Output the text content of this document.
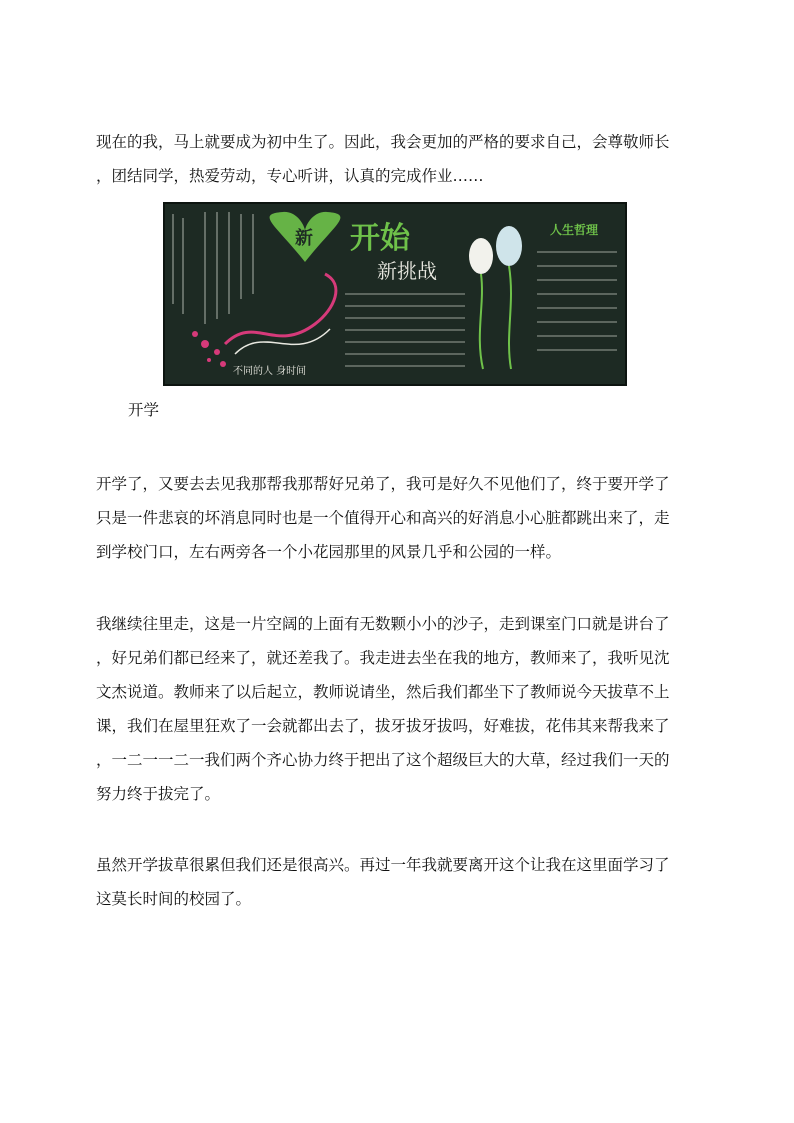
现在的我，马上就要成为初中生了。因此，我会更加的严格的要求自己，会尊敬师长
，团结同学，热爱劳动，专心听讲，认真的完成作业……

新
不同的人 身时间
开始
新挑战
人生哲理
开学

开学了，又要去去见我那帮我那帮好兄弟了，我可是好久不见他们了，终于要开学了
只是一件悲哀的坏消息同时也是一个值得开心和高兴的好消息小心脏都跳出来了，走
到学校门口，左右两旁各一个小花园那里的风景几乎和公园的一样。

我继续往里走，这是一片空阔的上面有无数颗小小的沙子，走到课室门口就是讲台了
，好兄弟们都已经来了，就还差我了。我走进去坐在我的地方，教师来了，我听见沈
文杰说道。教师来了以后起立，教师说请坐，然后我们都坐下了教师说今天拔草不上
课，我们在屋里狂欢了一会就都出去了，拔牙拔牙拔吗，好难拔，花伟其来帮我来了
，一二一一二一我们两个齐心协力终于把出了这个超级巨大的大草，经过我们一天的
努力终于拔完了。

虽然开学拔草很累但我们还是很高兴。再过一年我就要离开这个让我在这里面学习了
这莫长时间的校园了。
